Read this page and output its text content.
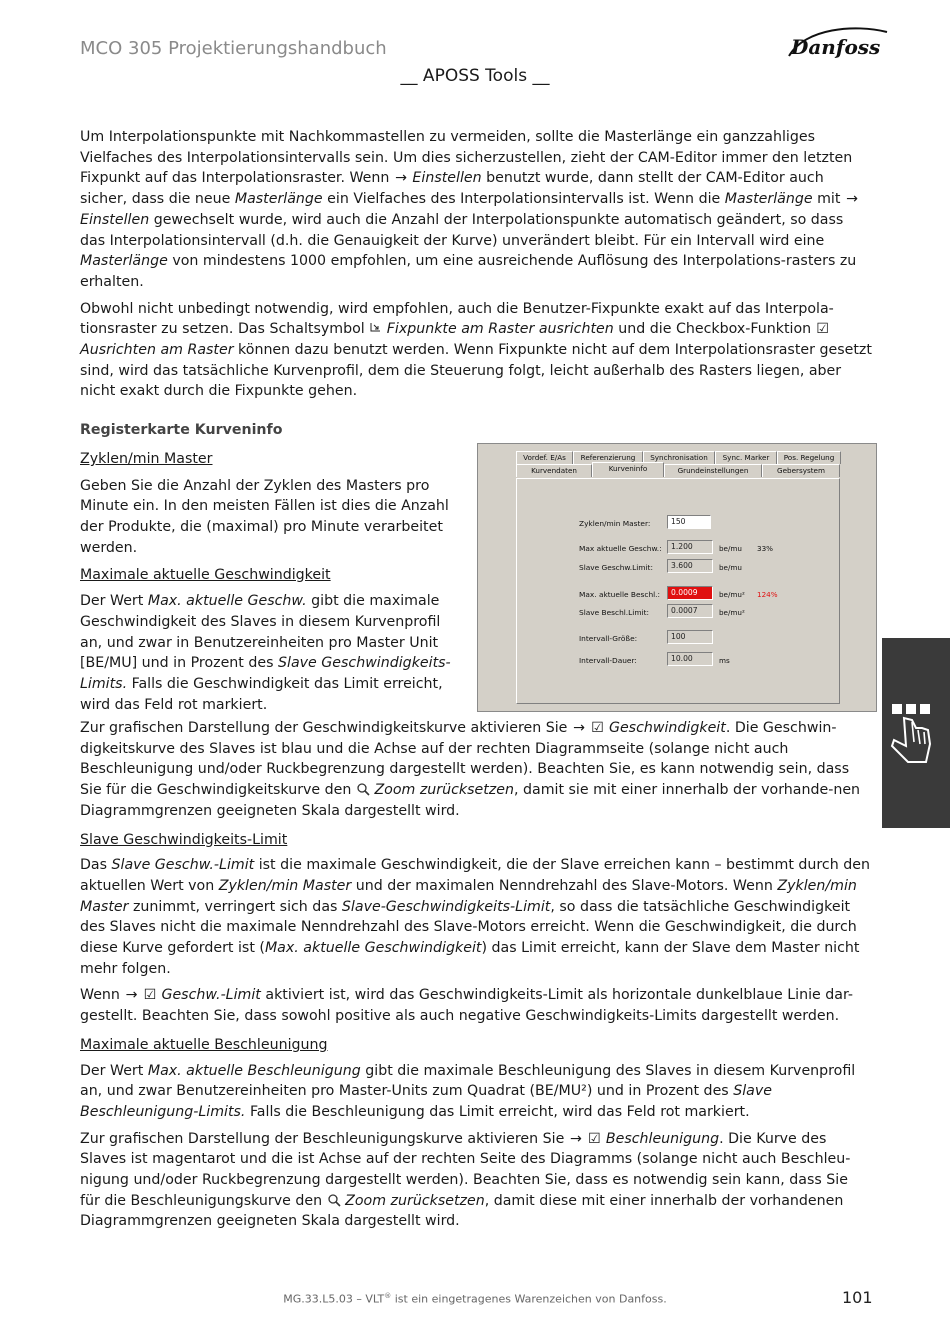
MCO 305 Projektierungshandbuch	Danfoss
__ APOSS Tools __

Um Interpolationspunkte mit Nachkommastellen zu vermeiden, sollte die Masterlänge ein ganzzahliges Vielfaches des Interpolationsintervalls sein. Um dies sicherzustellen, zieht der CAM-Editor immer den letzten Fixpunkt auf das Interpolationsraster. Wenn → Einstellen benutzt wurde, dann stellt der CAM-Editor auch sicher, dass die neue Masterlänge ein Vielfaches des Interpolationsintervalls ist. Wenn die Masterlänge mit → Einstellen gewechselt wurde, wird auch die Anzahl der Interpolationspunkte automatisch geändert, so dass das Interpolationsintervall (d.h. die Genauigkeit der Kurve) unverändert bleibt. Für ein Intervall wird eine Masterlänge von mindestens 1000 empfohlen, um eine ausreichende Auflösung des Interpolations-rasters zu erhalten.

Obwohl nicht unbedingt notwendig, wird empfohlen, auch die Benutzer-Fixpunkte exakt auf das Interpola-tionsraster zu setzen. Das Schaltsymbol  Fixpunkte am Raster ausrichten und die Checkbox-Funktion ☑ Ausrichten am Raster können dazu benutzt werden. Wenn Fixpunkte nicht auf dem Interpolationsraster gesetzt sind, wird das tatsächliche Kurvenprofil, dem die Steuerung folgt, leicht außerhalb des Rasters liegen, aber nicht exakt durch die Fixpunkte gehen.

Registerkarte Kurveninfo

Zyklen/min Master

Geben Sie die Anzahl der Zyklen des Masters pro Minute ein. In den meisten Fällen ist dies die Anzahl der Produkte, die (maximal) pro Minute verarbeitet werden.

Maximale aktuelle Geschwindigkeit

Der Wert Max. aktuelle Geschw. gibt die maximale Geschwindigkeit des Slaves in diesem Kurvenprofil an, und zwar in Benutzereinheiten pro Master Unit [BE/MU] und in Prozent des Slave Geschwindigkeits-Limits. Falls die Geschwindigkeit das Limit erreicht, wird das Feld rot markiert.

Vordef. E/As	Referenzierung	Synchronisation	Sync. Marker	Pos. Regelung
Kurvendaten	Kurveninfo	Grundeinstellungen	Gebersystem
Zyklen/min Master:	150
Max aktuelle Geschw.:	1.200	be/mu 33%
Slave Geschw.Limit:	3.600	be/mu
Max. aktuelle Beschl.:	0.0009	be/mu² 124%
Slave Beschl.Limit:	0.0007	be/mu²
Intervall-Größe:	100
Intervall-Dauer:	10.00	ms

Zur grafischen Darstellung der Geschwindigkeitskurve aktivieren Sie → ☑ Geschwindigkeit. Die Geschwin-digkeitskurve des Slaves ist blau und die Achse auf der rechten Diagrammseite (solange nicht auch Beschleunigung und/oder Ruckbegrenzung dargestellt werden). Beachten Sie, es kann notwendig sein, dass Sie für die Geschwindigkeitskurve den  Zoom zurücksetzen, damit sie mit einer innerhalb der vorhande-nen Diagrammgrenzen geeigneten Skala dargestellt wird.

Slave Geschwindigkeits-Limit

Das Slave Geschw.-Limit ist die maximale Geschwindigkeit, die der Slave erreichen kann – bestimmt durch den aktuellen Wert von Zyklen/min Master und der maximalen Nenndrehzahl des Slave-Motors. Wenn Zyklen/min Master zunimmt, verringert sich das Slave-Geschwindigkeits-Limit, so dass die tatsächliche Geschwindigkeit des Slaves nicht die maximale Nenndrehzahl des Slave-Motors erreicht. Wenn die Geschwindigkeit, die durch diese Kurve gefordert ist (Max. aktuelle Geschwindigkeit) das Limit erreicht, kann der Slave dem Master nicht mehr folgen.

Wenn → ☑ Geschw.-Limit aktiviert ist, wird das Geschwindigkeits-Limit als horizontale dunkelblaue Linie dar-gestellt. Beachten Sie, dass sowohl positive als auch negative Geschwindigkeits-Limits dargestellt werden.

Maximale aktuelle Beschleunigung

Der Wert Max. aktuelle Beschleunigung gibt die maximale Beschleunigung des Slaves in diesem Kurvenprofil an, und zwar Benutzereinheiten pro Master-Units zum Quadrat (BE/MU²) und in Prozent des Slave Beschleunigung-Limits. Falls die Beschleunigung das Limit erreicht, wird das Feld rot markiert.

Zur grafischen Darstellung der Beschleunigungskurve aktivieren Sie → ☑ Beschleunigung. Die Kurve des Slaves ist magentarot und die ist Achse auf der rechten Seite des Diagramms (solange nicht auch Beschleu-nigung und/oder Ruckbegrenzung dargestellt werden). Beachten Sie, dass es notwendig sein kann, dass Sie für die Beschleunigungskurve den  Zoom zurücksetzen, damit diese mit einer innerhalb der vorhandenen Diagrammgrenzen geeigneten Skala dargestellt wird.

MG.33.L5.03 – VLT® ist ein eingetragenes Warenzeichen von Danfoss.	101
